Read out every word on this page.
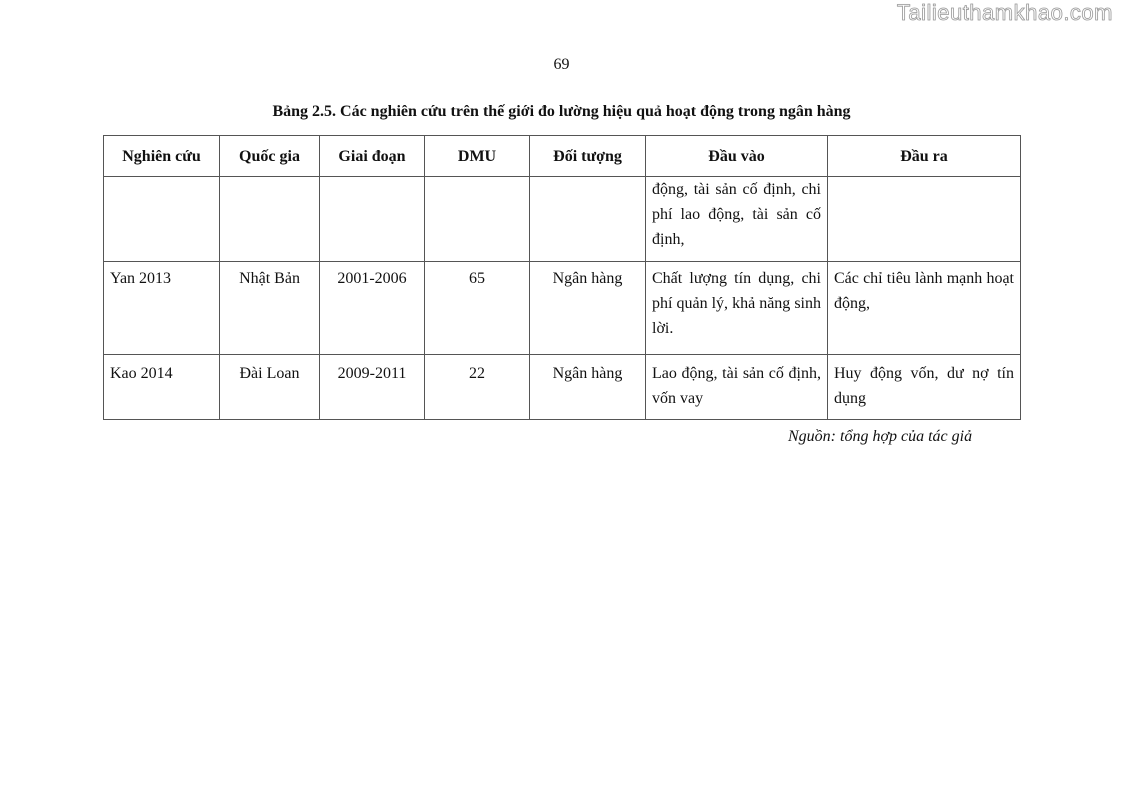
Tailieuthamkhao.com
69
Bảng 2.5. Các nghiên cứu trên thế giới đo lường hiệu quả hoạt động trong ngân hàng
Nghiên cứu	Quốc gia	Giai đoạn	DMU	Đối tượng	Đầu vào	Đầu ra
					động, tài sản cố định, chi phí lao động, tài sản cố định,	
Yan 2013	Nhật Bản	2001-2006	65	Ngân hàng	Chất lượng tín dụng, chi phí quản lý, khả năng sinh lời.	Các chỉ tiêu lành mạnh hoạt động,
Kao 2014	Đài Loan	2009-2011	22	Ngân hàng	Lao động, tài sản cố định, vốn vay	Huy động vốn, dư nợ tín dụng
Nguồn: tổng hợp của tác giả
